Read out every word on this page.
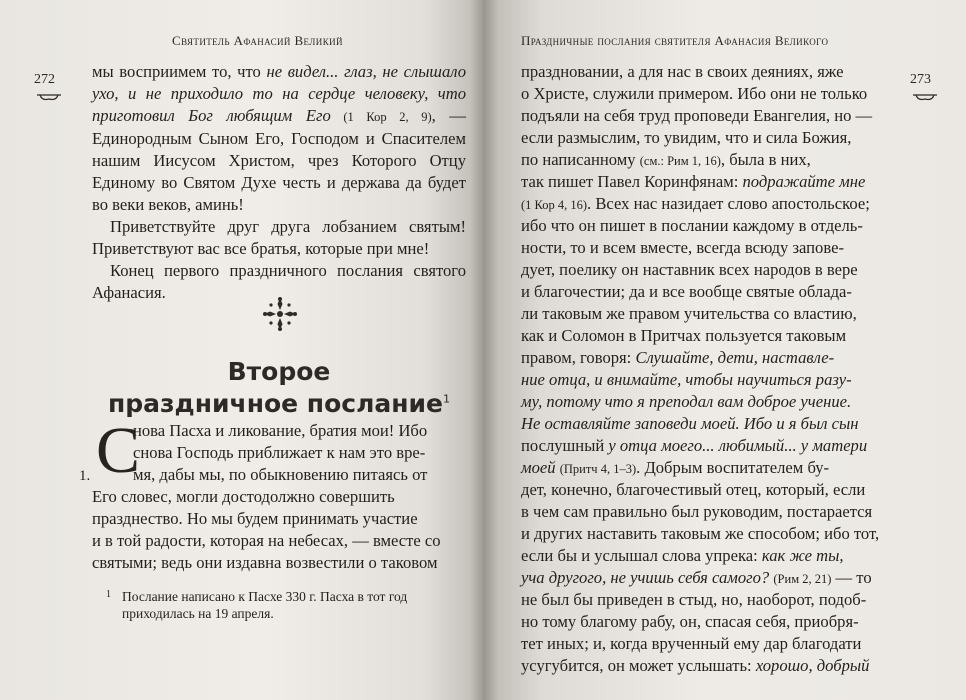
Святитель Афанасий Великий
272 мы восприимем то, что не видел... глаз, не слышало ухо, и не приходило то на сердце человеку, что приготовил Бог любящим Его (1 Кор 2, 9), — Единородным Сыном Его, Господом и Спасителем нашим Иисусом Христом, чрез Которого Отцу Единому во Святом Духе честь и держава да будет во веки веков, аминь!

Приветствуйте друг друга лобзанием святым! Приветствуют вас все братья, которые при мне!

Конец первого праздничного послания святого Афанасия.

Второе
праздничное послание$^1$
С
1.
нова Пасха и ликование, братия мои! Ибо
снова Господь приближает к нам это вре-
мя, дабы мы, по обыкновению питаясь от
Его словес, могли достодолжно совершить
празднество. Но мы будем принимать участие
и в той радости, которая на небесах, — вместе со
святыми; ведь они издавна возвестили о таковом
1 Послание написано к Пасхе 330 г. Пасха в тот год приходилась на 19 апреля.
Праздничные послания святителя Афанасия Великого
273
праздновании, а для нас в своих деяниях, яже
о Христе, служили примером. Ибо они не только
подъяли на себя труд проповеди Евангелия, но —
если размыслим, то увидим, что и сила Божия,
по написанному (см.: Рим 1, 16), была в них,
так пишет Павел Коринфянам: подражайте мне
(1 Кор 4, 16). Всех нас назидает слово апостольское;
ибо что он пишет в послании каждому в отдель-
ности, то и всем вместе, всегда всюду запове-
дует, поелику он наставник всех народов в вере
и благочестии; да и все вообще святые облада-
ли таковым же правом учительства со властию,
как и Соломон в Притчах пользуется таковым
правом, говоря: Слушайте, дети, наставле-
ние отца, и внимайте, чтобы научиться разу-
му, потому что я преподал вам доброе учение.
Не оставляйте заповеди моей. Ибо и я был сын
послушный у отца моего... любимый... у матери
моей (Притч 4, 1–3). Добрым воспитателем бу-
дет, конечно, благочестивый отец, который, если
в чем сам правильно был руководим, постарается
и других наставить таковым же способом; ибо тот,
если бы и услышал слова упрека: как же ты,
уча другого, не учишь себя самого? (Рим 2, 21) — то
не был бы приведен в стыд, но, наоборот, подоб-
но тому благому рабу, он, спасая себя, приобря-
тет иных; и, когда врученный ему дар благодати
усугубится, он может услышать: хорошо, добрый
